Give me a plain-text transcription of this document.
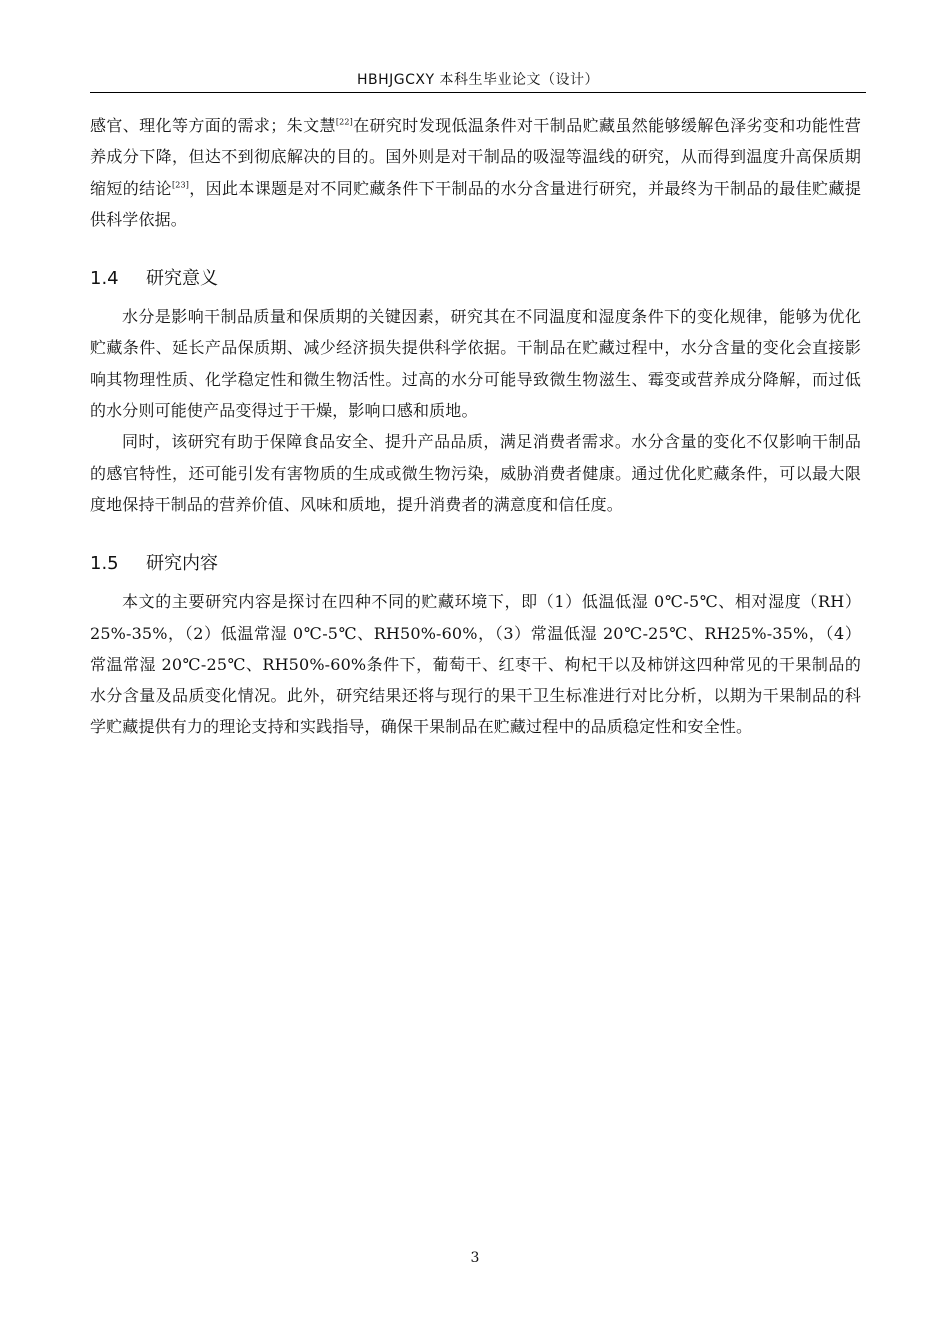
HBHJGCXY 本科生毕业论文（设计）

感官、理化等方面的需求；朱文慧[22]在研究时发现低温条件对干制品贮藏虽然能够缓解色泽劣变和功能性营养成分下降，但达不到彻底解决的目的。国外则是对干制品的吸湿等温线的研究，从而得到温度升高保质期缩短的结论[23]，因此本课题是对不同贮藏条件下干制品的水分含量进行研究，并最终为干制品的最佳贮藏提供科学依据。

1.4 研究意义

水分是影响干制品质量和保质期的关键因素，研究其在不同温度和湿度条件下的变化规律，能够为优化贮藏条件、延长产品保质期、减少经济损失提供科学依据。干制品在贮藏过程中，水分含量的变化会直接影响其物理性质、化学稳定性和微生物活性。过高的水分可能导致微生物滋生、霉变或营养成分降解，而过低的水分则可能使产品变得过于干燥，影响口感和质地。

同时，该研究有助于保障食品安全、提升产品品质，满足消费者需求。水分含量的变化不仅影响干制品的感官特性，还可能引发有害物质的生成或微生物污染，威胁消费者健康。通过优化贮藏条件，可以最大限度地保持干制品的营养价值、风味和质地，提升消费者的满意度和信任度。

1.5 研究内容

本文的主要研究内容是探讨在四种不同的贮藏环境下，即（1）低温低湿 0℃-5℃、相对湿度（RH）25%-35%，（2）低温常湿 0℃-5℃、RH50%-60%，（3）常温低湿 20℃-25℃、RH25%-35%，（4）常温常湿 20℃-25℃、RH50%-60%条件下，葡萄干、红枣干、枸杞干以及柿饼这四种常见的干果制品的水分含量及品质变化情况。此外，研究结果还将与现行的果干卫生标准进行对比分析，以期为干果制品的科学贮藏提供有力的理论支持和实践指导，确保干果制品在贮藏过程中的品质稳定性和安全性。

3
